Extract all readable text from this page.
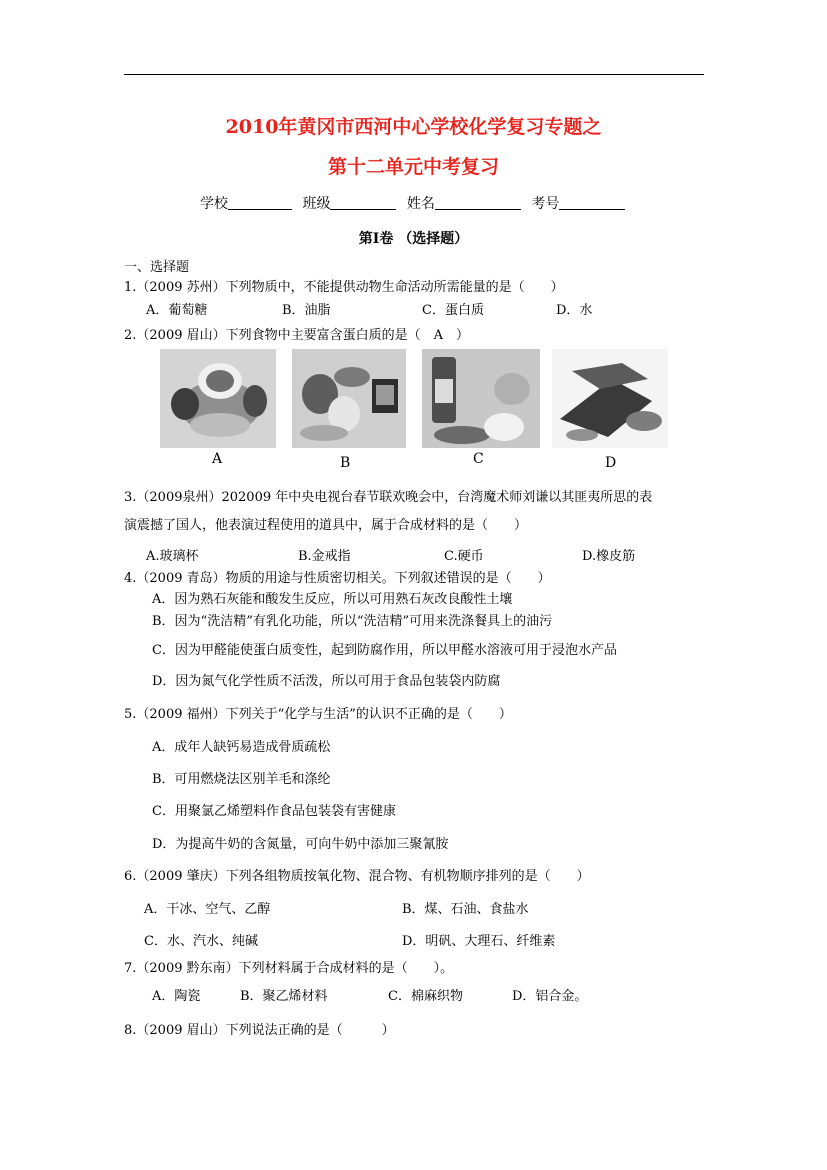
2010年黄冈市西河中心学校化学复习专题之
第十二单元中考复习
学校	班级	姓名	考号
第Ⅰ卷 （选择题）
一、选择题
1.（2009 苏州）下列物质中，不能提供动物生命活动所需能量的是（　　）
A．葡萄糖	B．油脂	C．蛋白质	D．水
2.（2009 眉山）下列食物中主要富含蛋白质的是（　A　）
A	B	C	D
3.（2009泉州）202009 年中央电视台春节联欢晚会中，台湾魔术师刘谦以其匪夷所思的表
演震撼了国人，他表演过程使用的道具中，属于合成材料的是（　　）
A.玻璃杯	B.金戒指	C.硬币	D.橡皮筋
4.（2009 青岛）物质的用途与性质密切相关。下列叙述错误的是（　　）
A．因为熟石灰能和酸发生反应，所以可用熟石灰改良酸性土壤
B．因为“洗洁精”有乳化功能，所以“洗洁精”可用来洗涤餐具上的油污
C．因为甲醛能使蛋白质变性，起到防腐作用，所以甲醛水溶液可用于浸泡水产品
D．因为氮气化学性质不活泼，所以可用于食品包装袋内防腐
5.（2009 福州）下列关于“化学与生活”的认识不正确的是（　　）
A．成年人缺钙易造成骨质疏松
B．可用燃烧法区别羊毛和涤纶
C．用聚氯乙烯塑料作食品包装袋有害健康
D．为提高牛奶的含氮量，可向牛奶中添加三聚氰胺
6.（2009 肇庆）下列各组物质按氧化物、混合物、有机物顺序排列的是（　　）
A．干冰、空气、乙醇	B．煤、石油、食盐水
C．水、汽水、纯碱	D．明矾、大理石、纤维素
7.（2009 黔东南）下列材料属于合成材料的是（　　）。
A．陶瓷	B．聚乙烯材料	C．棉麻织物	D．铝合金。
8.（2009 眉山）下列说法正确的是（　　　）
